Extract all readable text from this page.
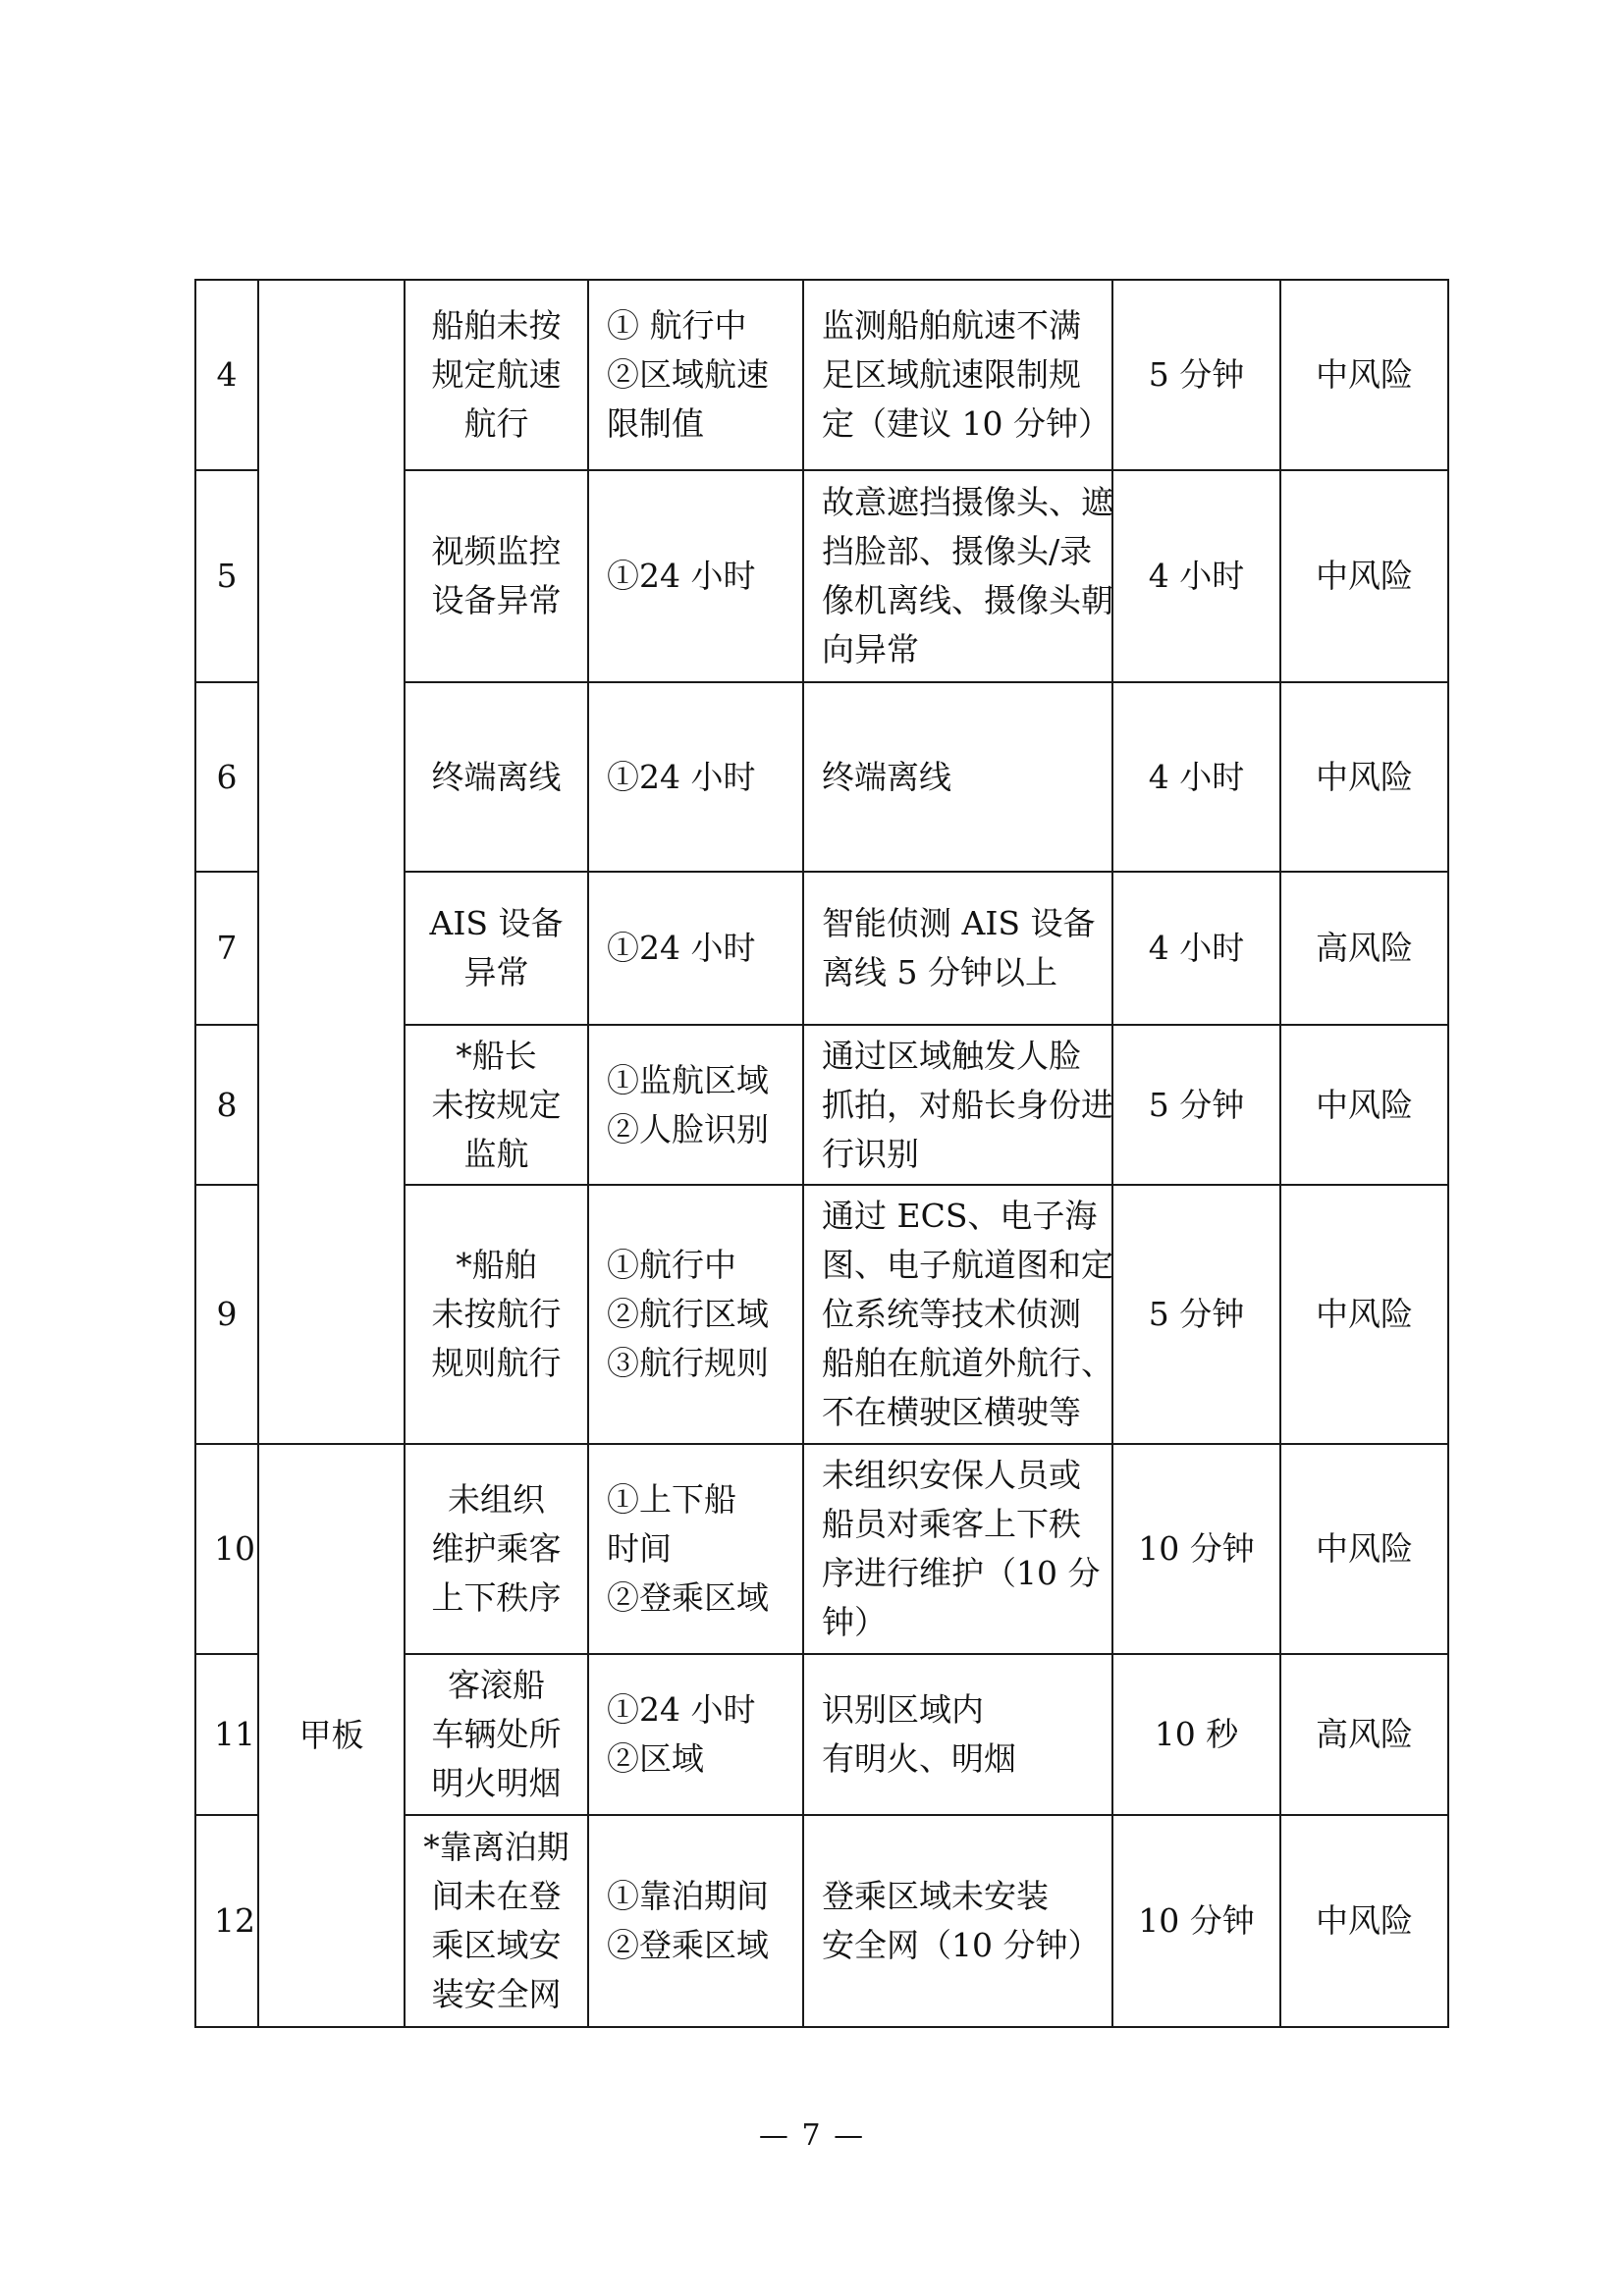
4		船舶未按
规定航速
航行	① 航行中
②区域航速
限制值	监测船舶航速不满
足区域航速限制规
定（建议 10 分钟）	5 分钟	中风险
5		视频监控
设备异常	①24 小时	故意遮挡摄像头、遮
挡脸部、摄像头/录
像机离线、摄像头朝
向异常	4 小时	中风险
6		终端离线	①24 小时	终端离线	4 小时	中风险
7		AIS 设备
异常	①24 小时	智能侦测 AIS 设备
离线 5 分钟以上	4 小时	高风险
8		*船长
未按规定
监航	①监航区域
②人脸识别	通过区域触发人脸
抓拍，对船长身份进
行识别	5 分钟	中风险
9		*船舶
未按航行
规则航行	①航行中
②航行区域
③航行规则	通过 ECS、电子海
图、电子航道图和定
位系统等技术侦测
船舶在航道外航行、
不在横驶区横驶等	5 分钟	中风险
10	甲板	未组织
维护乘客
上下秩序	①上下船
时间
②登乘区域	未组织安保人员或
船员对乘客上下秩
序进行维护（10 分
钟）	10 分钟	中风险
11		客滚船
车辆处所
明火明烟	①24 小时
②区域	识别区域内
有明火、明烟	10 秒	高风险
12		*靠离泊期
间未在登
乘区域安
装安全网	①靠泊期间
②登乘区域	登乘区域未安装
安全网（10 分钟）	10 分钟	中风险
— 7 —
